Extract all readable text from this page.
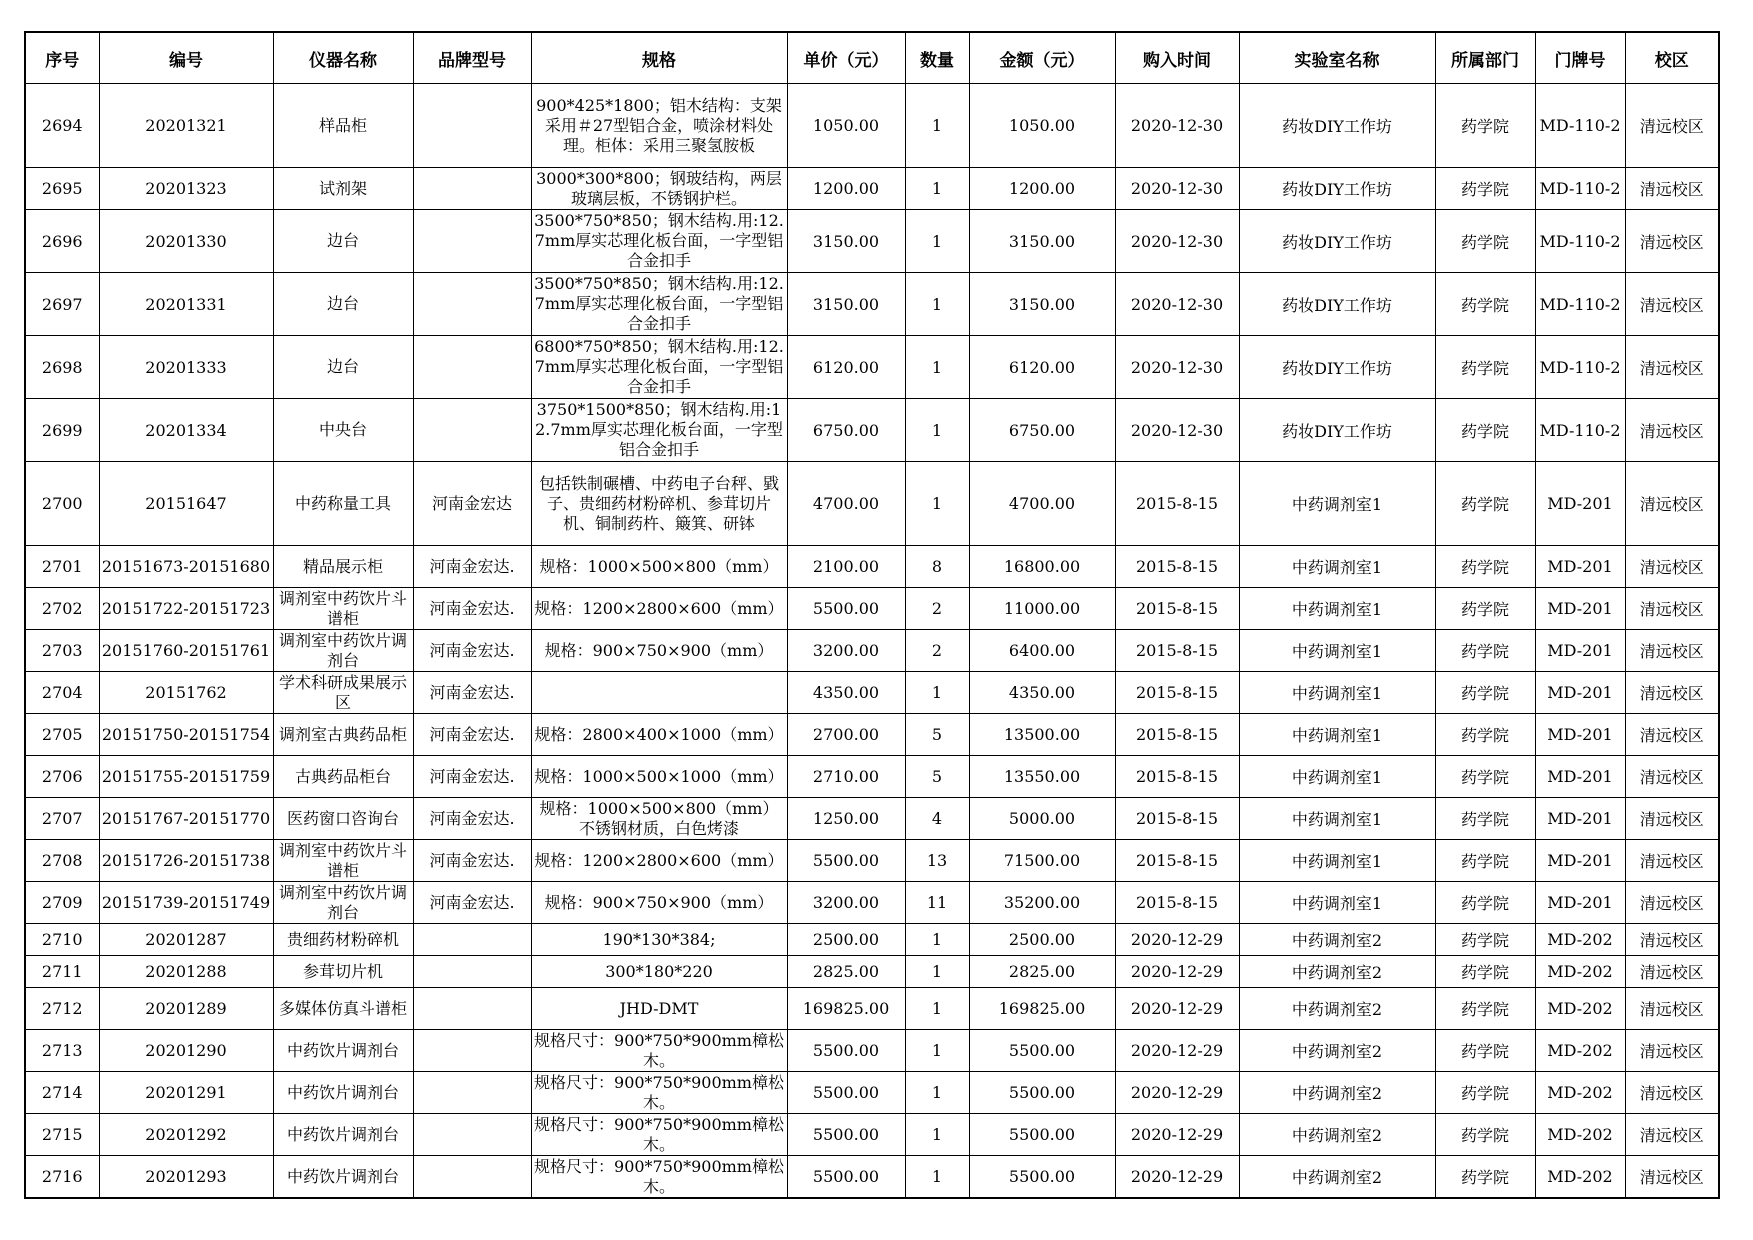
序号	编号	仪器名称	品牌型号	规格	单价（元）	数量	金额（元）	购入时间	实验室名称	所属部门	门牌号	校区
2694	20201321	样品柜		900*425*1800；铝木结构：支架采用＃27型铝合金，喷涂材料处理。柜体：采用三聚氢胺板	1050.00	1	1050.00	2020-12-30	药妆DIY工作坊	药学院	MD-110-2	清远校区
2695	20201323	试剂架		3000*300*800；钢玻结构，两层玻璃层板，不锈钢护栏。	1200.00	1	1200.00	2020-12-30	药妆DIY工作坊	药学院	MD-110-2	清远校区
2696	20201330	边台		3500*750*850；钢木结构.用:12.7mm厚实芯理化板台面，一字型铝合金扣手	3150.00	1	3150.00	2020-12-30	药妆DIY工作坊	药学院	MD-110-2	清远校区
2697	20201331	边台		3500*750*850；钢木结构.用:12.7mm厚实芯理化板台面，一字型铝合金扣手	3150.00	1	3150.00	2020-12-30	药妆DIY工作坊	药学院	MD-110-2	清远校区
2698	20201333	边台		6800*750*850；钢木结构.用:12.7mm厚实芯理化板台面，一字型铝合金扣手	6120.00	1	6120.00	2020-12-30	药妆DIY工作坊	药学院	MD-110-2	清远校区
2699	20201334	中央台		3750*1500*850；钢木结构.用:12.7mm厚实芯理化板台面，一字型铝合金扣手	6750.00	1	6750.00	2020-12-30	药妆DIY工作坊	药学院	MD-110-2	清远校区
2700	20151647	中药称量工具	河南金宏达	包括铁制碾槽、中药电子台秤、戥子、贵细药材粉碎机、参茸切片机、铜制药杵、簸箕、研钵	4700.00	1	4700.00	2015-8-15	中药调剂室1	药学院	MD-201	清远校区
2701	20151673-20151680	精品展示柜	河南金宏达.	规格：1000×500×800（mm）	2100.00	8	16800.00	2015-8-15	中药调剂室1	药学院	MD-201	清远校区
2702	20151722-20151723	调剂室中药饮片斗谱柜	河南金宏达.	规格：1200×2800×600（mm）	5500.00	2	11000.00	2015-8-15	中药调剂室1	药学院	MD-201	清远校区
2703	20151760-20151761	调剂室中药饮片调剂台	河南金宏达.	规格：900×750×900（mm）	3200.00	2	6400.00	2015-8-15	中药调剂室1	药学院	MD-201	清远校区
2704	20151762	学术科研成果展示区	河南金宏达.		4350.00	1	4350.00	2015-8-15	中药调剂室1	药学院	MD-201	清远校区
2705	20151750-20151754	调剂室古典药品柜	河南金宏达.	规格：2800×400×1000（mm）	2700.00	5	13500.00	2015-8-15	中药调剂室1	药学院	MD-201	清远校区
2706	20151755-20151759	古典药品柜台	河南金宏达.	规格：1000×500×1000（mm）	2710.00	5	13550.00	2015-8-15	中药调剂室1	药学院	MD-201	清远校区
2707	20151767-20151770	医药窗口咨询台	河南金宏达.	规格：1000×500×800（mm）不锈钢材质，白色烤漆	1250.00	4	5000.00	2015-8-15	中药调剂室1	药学院	MD-201	清远校区
2708	20151726-20151738	调剂室中药饮片斗谱柜	河南金宏达.	规格：1200×2800×600（mm）	5500.00	13	71500.00	2015-8-15	中药调剂室1	药学院	MD-201	清远校区
2709	20151739-20151749	调剂室中药饮片调剂台	河南金宏达.	规格：900×750×900（mm）	3200.00	11	35200.00	2015-8-15	中药调剂室1	药学院	MD-201	清远校区
2710	20201287	贵细药材粉碎机		190*130*384;	2500.00	1	2500.00	2020-12-29	中药调剂室2	药学院	MD-202	清远校区
2711	20201288	参茸切片机		300*180*220	2825.00	1	2825.00	2020-12-29	中药调剂室2	药学院	MD-202	清远校区
2712	20201289	多媒体仿真斗谱柜		JHD-DMT	169825.00	1	169825.00	2020-12-29	中药调剂室2	药学院	MD-202	清远校区
2713	20201290	中药饮片调剂台		规格尺寸：900*750*900mm樟松木。	5500.00	1	5500.00	2020-12-29	中药调剂室2	药学院	MD-202	清远校区
2714	20201291	中药饮片调剂台		规格尺寸：900*750*900mm樟松木。	5500.00	1	5500.00	2020-12-29	中药调剂室2	药学院	MD-202	清远校区
2715	20201292	中药饮片调剂台		规格尺寸：900*750*900mm樟松木。	5500.00	1	5500.00	2020-12-29	中药调剂室2	药学院	MD-202	清远校区
2716	20201293	中药饮片调剂台		规格尺寸：900*750*900mm樟松木。	5500.00	1	5500.00	2020-12-29	中药调剂室2	药学院	MD-202	清远校区
